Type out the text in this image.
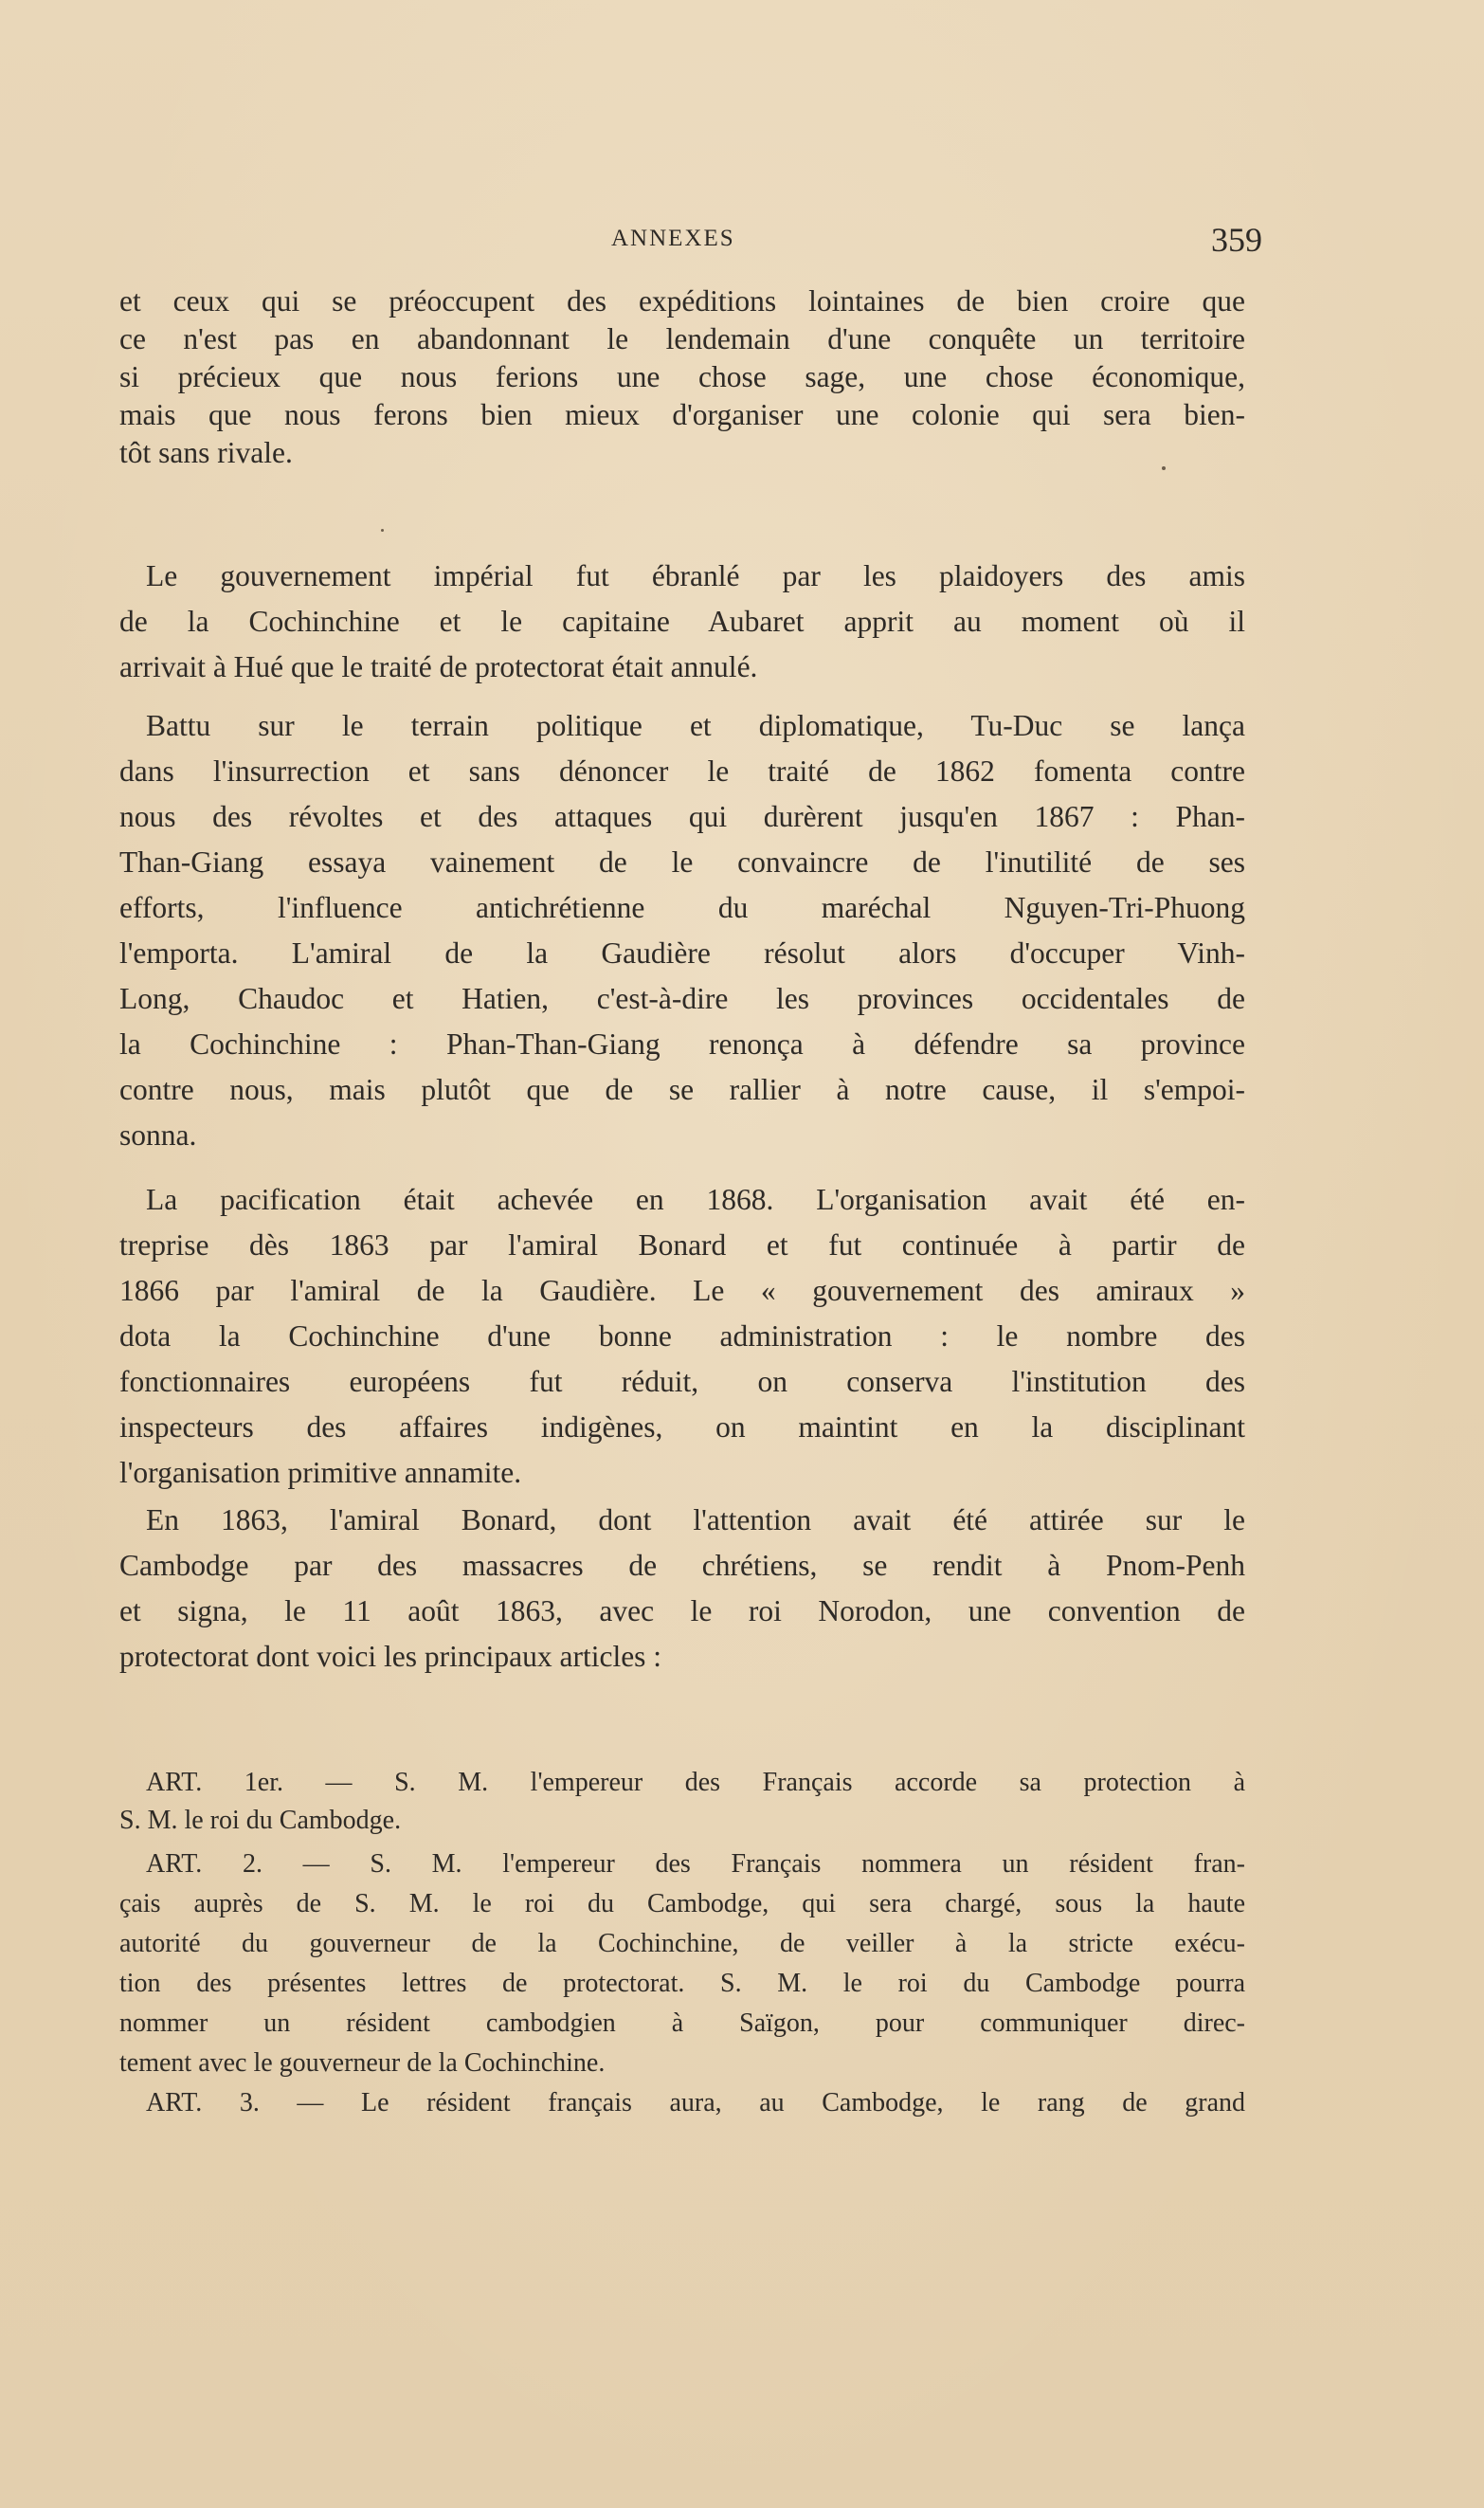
ANNEXES	359
et ceux qui se préoccupent des expéditions lointaines de bien croire que
ce n'est pas en abandonnant le lendemain d'une conquête un territoire
si précieux que nous ferions une chose sage, une chose économique,
mais que nous ferons bien mieux d'organiser une colonie qui sera bien-
tôt sans rivale.
Le gouvernement impérial fut ébranlé par les plaidoyers des amis
de la Cochinchine et le capitaine Aubaret apprit au moment où il
arrivait à Hué que le traité de protectorat était annulé.
Battu sur le terrain politique et diplomatique, Tu-Duc se lança
dans l'insurrection et sans dénoncer le traité de 1862 fomenta contre
nous des révoltes et des attaques qui durèrent jusqu'en 1867 : Phan-
Than-Giang essaya vainement de le convaincre de l'inutilité de ses
efforts, l'influence antichrétienne du maréchal Nguyen-Tri-Phuong
l'emporta. L'amiral de la Gaudière résolut alors d'occuper Vinh-
Long, Chaudoc et Hatien, c'est-à-dire les provinces occidentales de
la Cochinchine : Phan-Than-Giang renonça à défendre sa province
contre nous, mais plutôt que de se rallier à notre cause, il s'empoi-
sonna.
La pacification était achevée en 1868. L'organisation avait été en-
treprise dès 1863 par l'amiral Bonard et fut continuée à partir de
1866 par l'amiral de la Gaudière. Le « gouvernement des amiraux »
dota la Cochinchine d'une bonne administration : le nombre des
fonctionnaires européens fut réduit, on conserva l'institution des
inspecteurs des affaires indigènes, on maintint en la disciplinant
l'organisation primitive annamite.
En 1863, l'amiral Bonard, dont l'attention avait été attirée sur le
Cambodge par des massacres de chrétiens, se rendit à Pnom-Penh
et signa, le 11 août 1863, avec le roi Norodon, une convention de
protectorat dont voici les principaux articles :
ART. 1er. — S. M. l'empereur des Français accorde sa protection à
S. M. le roi du Cambodge.
ART. 2. — S. M. l'empereur des Français nommera un résident fran-
çais auprès de S. M. le roi du Cambodge, qui sera chargé, sous la haute
autorité du gouverneur de la Cochinchine, de veiller à la stricte exécu-
tion des présentes lettres de protectorat. S. M. le roi du Cambodge pourra
nommer un résident cambodgien à Saïgon, pour communiquer direc-
tement avec le gouverneur de la Cochinchine.
ART. 3. — Le résident français aura, au Cambodge, le rang de grand
